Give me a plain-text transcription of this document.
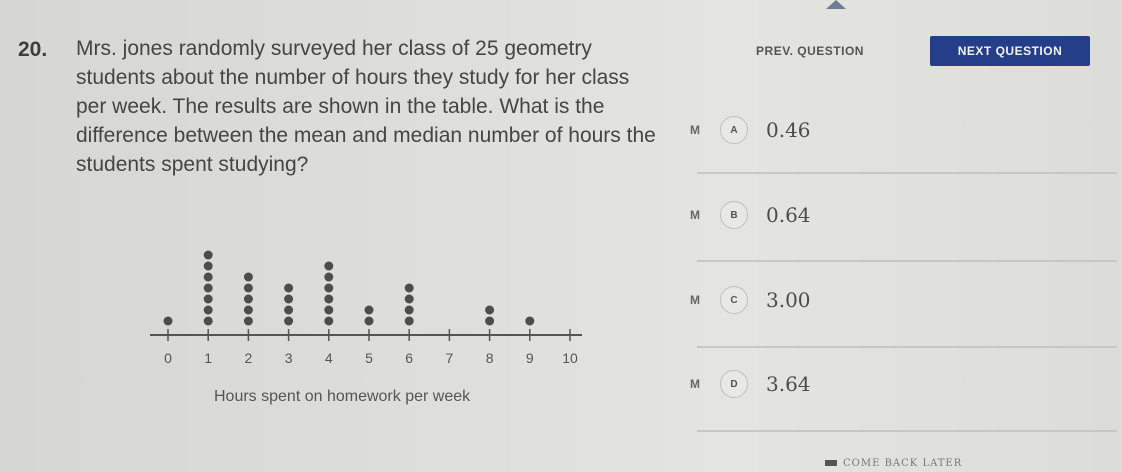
20. Mrs. jones randomly surveyed her class of 25 geometry students about the number of hours they study for her class per week. The results are shown in the table. What is the difference between the mean and median number of hours the students spent studying?
0 1 2 3 4 5 6 7 8 9 10
Hours spent on homework per week
PREV. QUESTION	NEXT QUESTION
M	A	0.46
M	B	0.64
M	C	3.00
M	D	3.64
COME BACK LATER
